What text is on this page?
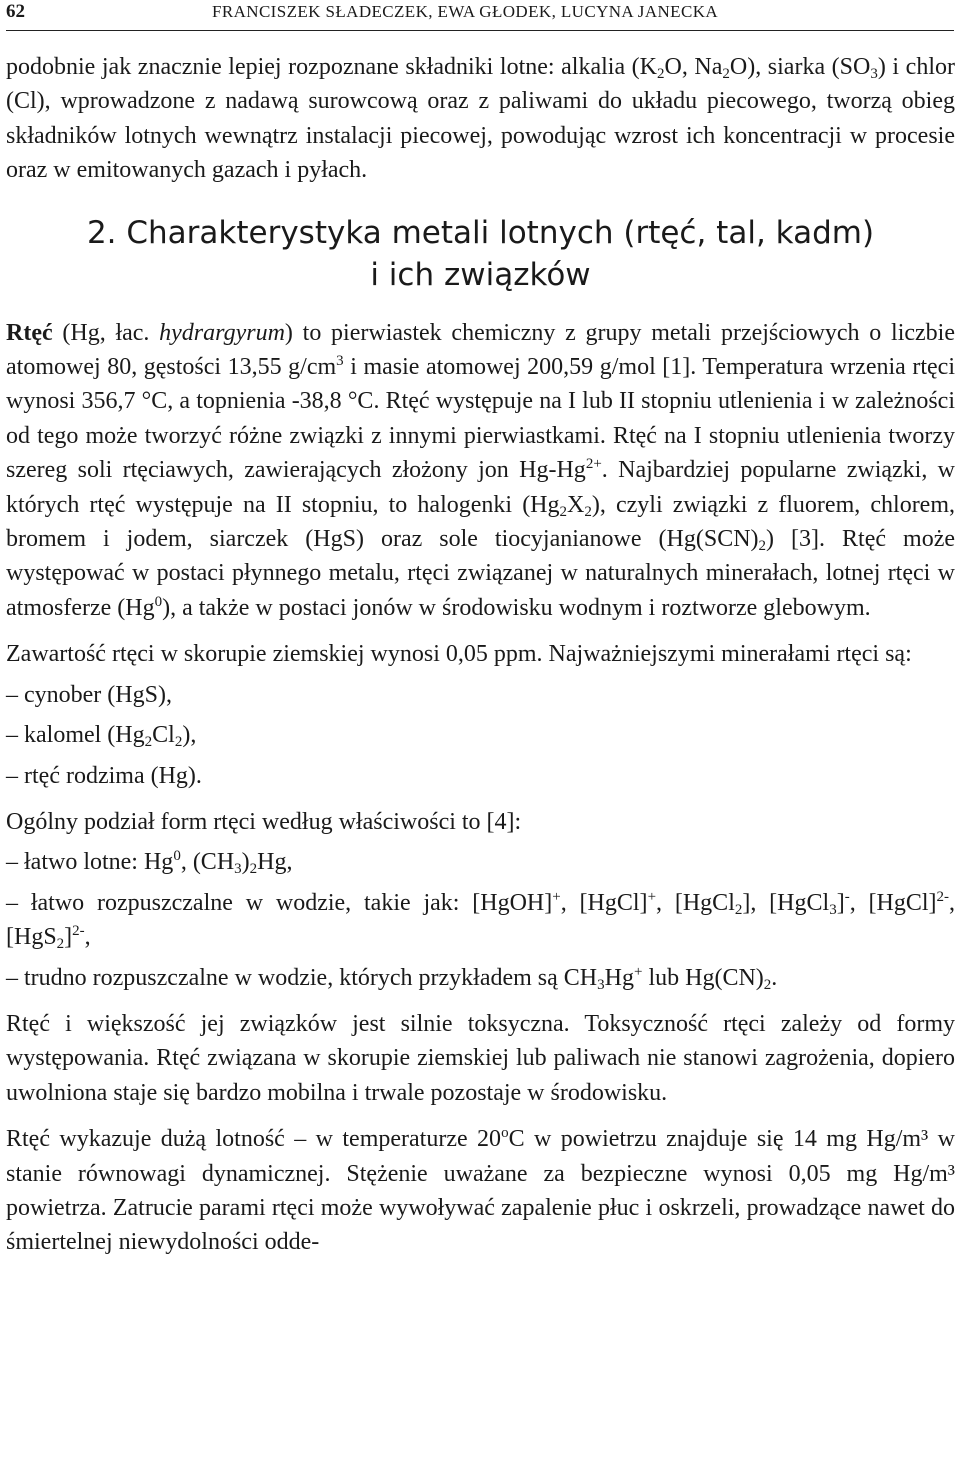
62	FRANCISZEK SŁADECZEK, EWA GŁODEK, LUCYNA JANECKA

podobnie jak znacznie lepiej rozpoznane składniki lotne: alkalia ($K_2O$, $Na_2O$), siarka $(SO_3)$ i chlor (Cl), wprowadzone z nadawą surowcową oraz z paliwami do układu piecowego, tworzą obieg składników lotnych wewnątrz instalacji piecowej, powodując wzrost ich koncentracji w procesie oraz w emitowanych gazach i pyłach.

2. Charakterystyka metali lotnych (rtęć, tal, kadm)
i ich związków

Rtęć (Hg, łac. hydrargyrum) to pierwiastek chemiczny z grupy metali przejściowych o liczbie atomowej 80, gęstości 13,55 $g/cm^3$ i masie atomowej 200,59 g/mol [1]. Temperatura wrzenia rtęci wynosi 356,7 °C, a topnienia -38,8 °C. Rtęć występuje na I lub II stopniu utlenienia i w zależności od tego może tworzyć różne związki z innymi pierwiastkami. Rtęć na I stopniu utlenienia tworzy szereg soli rtęciawych, zawierających złożony jon $Hg-Hg^{2+}$. Najbardziej popularne związki, w których rtęć występuje na II stopniu, to halogenki $(Hg_2X_2)$, czyli związki z fluorem, chlorem, bromem i jodem, siarczek (HgS) oraz sole tiocyjanianowe $(Hg(SCN)_2)$ [3]. Rtęć może występować w postaci płynnego metalu, rtęci związanej w naturalnych minerałach, lotnej rtęci w atmosferze (Hg$^0$), a także w postaci jonów w środowisku wodnym i roztworze glebowym.

Zawartość rtęci w skorupie ziemskiej wynosi 0,05 ppm. Najważniejszymi minerałami rtęci są:

– cynober (HgS),
– kalomel $(Hg_2Cl_2)$,
– rtęć rodzima (Hg).

Ogólny podział form rtęci według właściwości to [4]:

– łatwo lotne: Hg$^0$, $(CH_3)_2Hg$,
– łatwo rozpuszczalne w wodzie, takie jak: [HgOH]+, [HgCl]+, [HgCl$_2$], [HgCl$_3$]-, [HgCl]$^{2-}$, $[HgS_2]^{2-}$,
– trudno rozpuszczalne w wodzie, których przykładem są $CH_3Hg^+$ lub $Hg(CN)_2$.

Rtęć i większość jej związków jest silnie toksyczna. Toksyczność rtęci zależy od formy występowania. Rtęć związana w skorupie ziemskiej lub paliwach nie stanowi zagrożenia, dopiero uwolniona staje się bardzo mobilna i trwale pozostaje w środowisku.

Rtęć wykazuje dużą lotność – w temperaturze 20$^o$C w powietrzu znajduje się 14 mg Hg/m³ w stanie równowagi dynamicznej. Stężenie uważane za bezpieczne wynosi 0,05 mg Hg/m³ powietrza. Zatrucie parami rtęci może wywoływać zapalenie płuc i oskrzeli, prowadzące nawet do śmiertelnej niewydolności odde-
